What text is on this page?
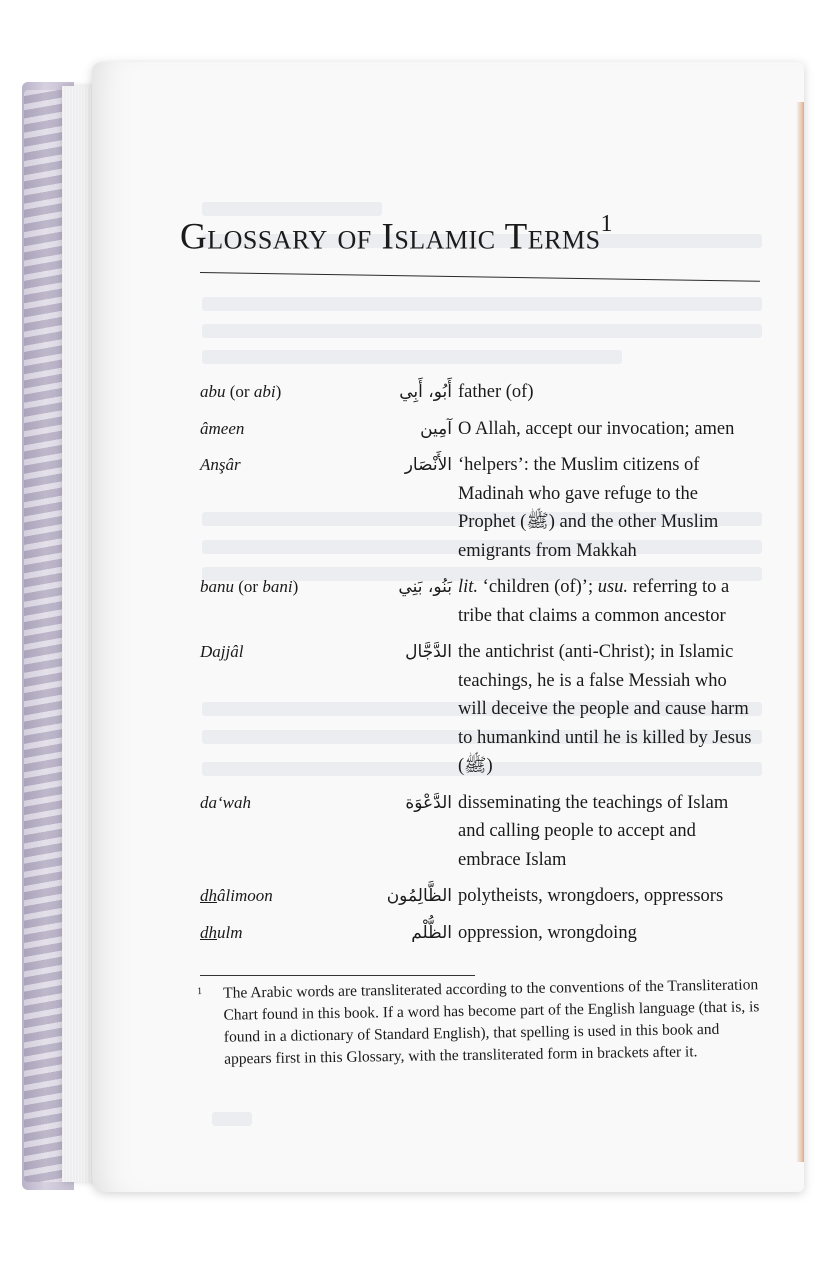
Glossary of Islamic Terms$^1$
abu (or abi)	أَبُو، أَبِي father (of)
âmeen	آمِين O Allah, accept our invocation; amen
Anşâr	الأَنْصَار ‘helpers’: the Muslim citizens of Madinah who gave refuge to the Prophet (ﷺ) and the other Muslim emigrants from Makkah
banu (or bani)	بَنُو، بَنِي lit. ‘children (of)’; usu. referring to a tribe that claims a common ancestor
Dajjâl	الدَّجَّال the antichrist (anti-Christ); in Islamic teachings, he is a false Messiah who will deceive the people and cause harm to humankind until he is killed by Jesus (ﷺ)
da‘wah	الدَّعْوَة disseminating the teachings of Islam and calling people to accept and embrace Islam
dhâlimoon	الظَّالِمُون polytheists, wrongdoers, oppressors
dhulm	الظُّلْم oppression, wrongdoing
1 The Arabic words are transliterated according to the conventions of the Transliteration Chart found in this book. If a word has become part of the English language (that is, is found in a dictionary of Standard English), that spelling is used in this book and appears first in this Glossary, with the transliterated form in brackets after it.
